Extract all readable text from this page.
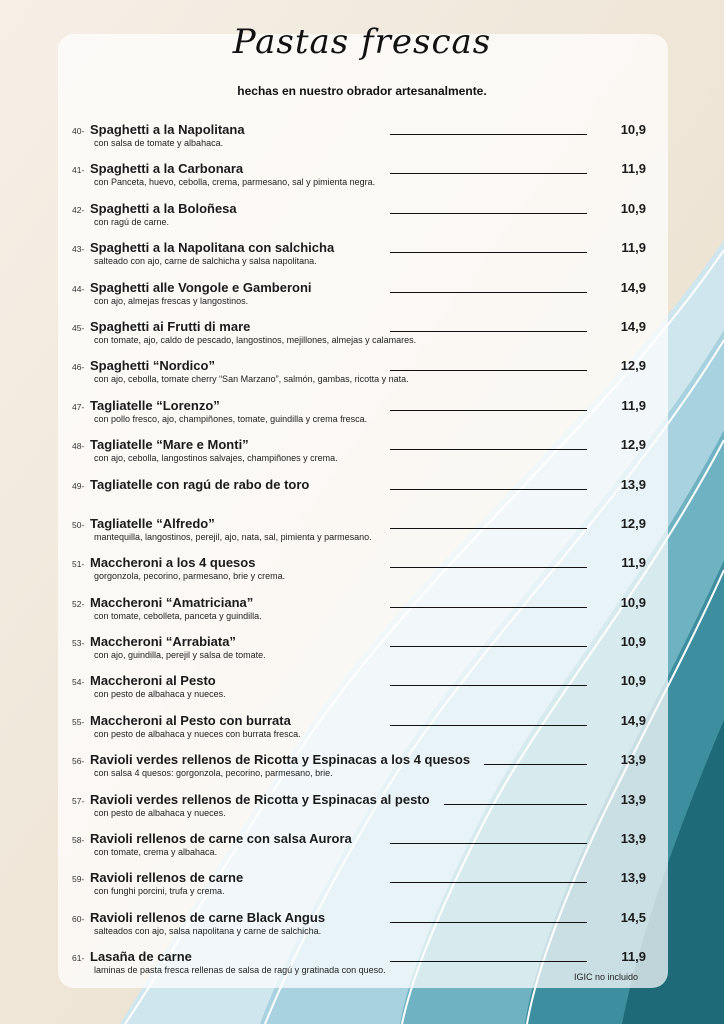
Pastas frescas
hechas en nuestro obrador artesanalmente.
40- Spaghetti a la Napolitana
con salsa de tomate y albahaca.
10,9
41- Spaghetti a la Carbonara
con Panceta, huevo, cebolla, crema, parmesano, sal y pimienta negra.
11,9
42- Spaghetti a la Boloñesa
con ragú de carne.
10,9
43- Spaghetti a la Napolitana con salchicha
salteado con ajo, carne de salchicha y salsa napolitana.
11,9
44- Spaghetti alle Vongole e Gamberoni
con ajo, almejas frescas y langostinos.
14,9
45- Spaghetti ai Frutti di mare
con tomate, ajo, caldo de pescado, langostinos, mejillones, almejas y calamares.
14,9
46- Spaghetti “Nordico”
con ajo, cebolla, tomate cherry “San Marzano”, salmón, gambas, ricotta y nata.
12,9
47- Tagliatelle “Lorenzo”
con pollo fresco, ajo, champiñones, tomate, guindilla y crema fresca.
11,9
48- Tagliatelle “Mare e Monti”
con ajo, cebolla, langostinos salvajes, champiñones y crema.
12,9
49- Tagliatelle con ragú de rabo de toro	13,9
50- Tagliatelle “Alfredo”
mantequilla, langostinos, perejil, ajo, nata, sal, pimienta y parmesano.
12,9
51- Maccheroni a los 4 quesos
gorgonzola, pecorino, parmesano, brie y crema.
11,9
52- Maccheroni “Amatriciana”
con tomate, cebolleta, panceta y guindilla.
10,9
53- Maccheroni “Arrabiata”
con ajo, guindilla, perejil y salsa de tomate.
10,9
54- Maccheroni al Pesto
con pesto de albahaca y nueces.
10,9
55- Maccheroni al Pesto con burrata
con pesto de albahaca y nueces con burrata fresca.
14,9
56- Ravioli verdes rellenos de Ricotta y Espinacas a los 4 quesos
con salsa 4 quesos: gorgonzola, pecorino, parmesano, brie.
13,9
57- Ravioli verdes rellenos de Ricotta y Espinacas al pesto
con pesto de albahaca y nueces.
13,9
58- Ravioli rellenos de carne con salsa Aurora
con tomate, crema y albahaca.
13,9
59- Ravioli rellenos de carne
con funghi porcini, trufa y crema.
13,9
60- Ravioli rellenos de carne Black Angus
salteados con ajo, salsa napolitana y carne de salchicha.
14,5
61- Lasaña de carne
laminas de pasta fresca rellenas de salsa de ragú y gratinada con queso.
11,9
IGIC no incluido
